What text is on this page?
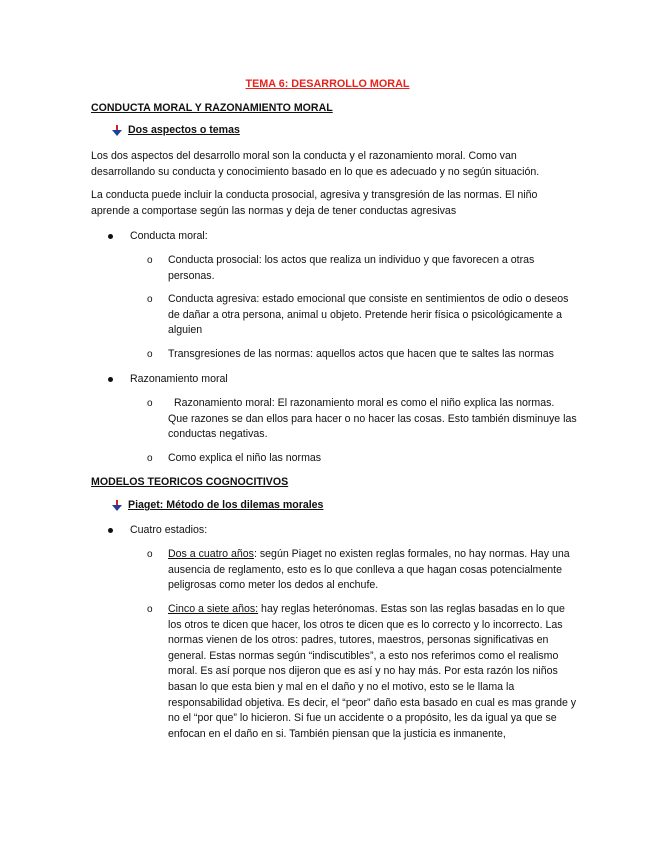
TEMA 6: DESARROLLO MORAL
CONDUCTA MORAL Y RAZONAMIENTO MORAL
Dos aspectos o temas
Los dos aspectos del desarrollo moral son la conducta y el razonamiento moral. Como van desarrollando su conducta y conocimiento basado en lo que es adecuado y no según situación.
La conducta puede incluir la conducta prosocial, agresiva y transgresión de las normas. El niño aprende a comportase según las normas y deja de tener conductas agresivas
Conducta moral:
o	Conducta prosocial: los actos que realiza un individuo y que favorecen a otras personas.
o	Conducta agresiva: estado emocional que consiste en sentimientos de odio o deseos de dañar a otra persona, animal u objeto. Pretende herir física o psicológicamente a alguien
o	Transgresiones de las normas: aquellos actos que hacen que te saltes las normas
Razonamiento moral
o	Razonamiento moral: El razonamiento moral es como el niño explica las normas. Que razones se dan ellos para hacer o no hacer las cosas. Esto también disminuye las conductas negativas.
o	Como explica el niño las normas
MODELOS TEORICOS COGNOCITIVOS
Piaget: Método de los dilemas morales
Cuatro estadios:
o	Dos a cuatro años: según Piaget no existen reglas formales, no hay normas. Hay una ausencia de reglamento, esto es lo que conlleva a que hagan cosas potencialmente peligrosas como meter los dedos al enchufe.
o	Cinco a siete años: hay reglas heterónomas. Estas son las reglas basadas en lo que los otros te dicen que hacer, los otros te dicen que es lo correcto y lo incorrecto. Las normas vienen de los otros: padres, tutores, maestros, personas significativas en general. Estas normas según “indiscutibles”, a esto nos referimos como el realismo moral. Es así porque nos dijeron que es así y no hay más. Por esta razón los niños basan lo que esta bien y mal en el daño y no el motivo, esto se le llama la responsabilidad objetiva. Es decir, el “peor” daño esta basado en cual es mas grande y no el “por que” lo hicieron. Si fue un accidente o a propósito, les da igual ya que se enfocan en el daño en si. También piensan que la justicia es inmanente,
